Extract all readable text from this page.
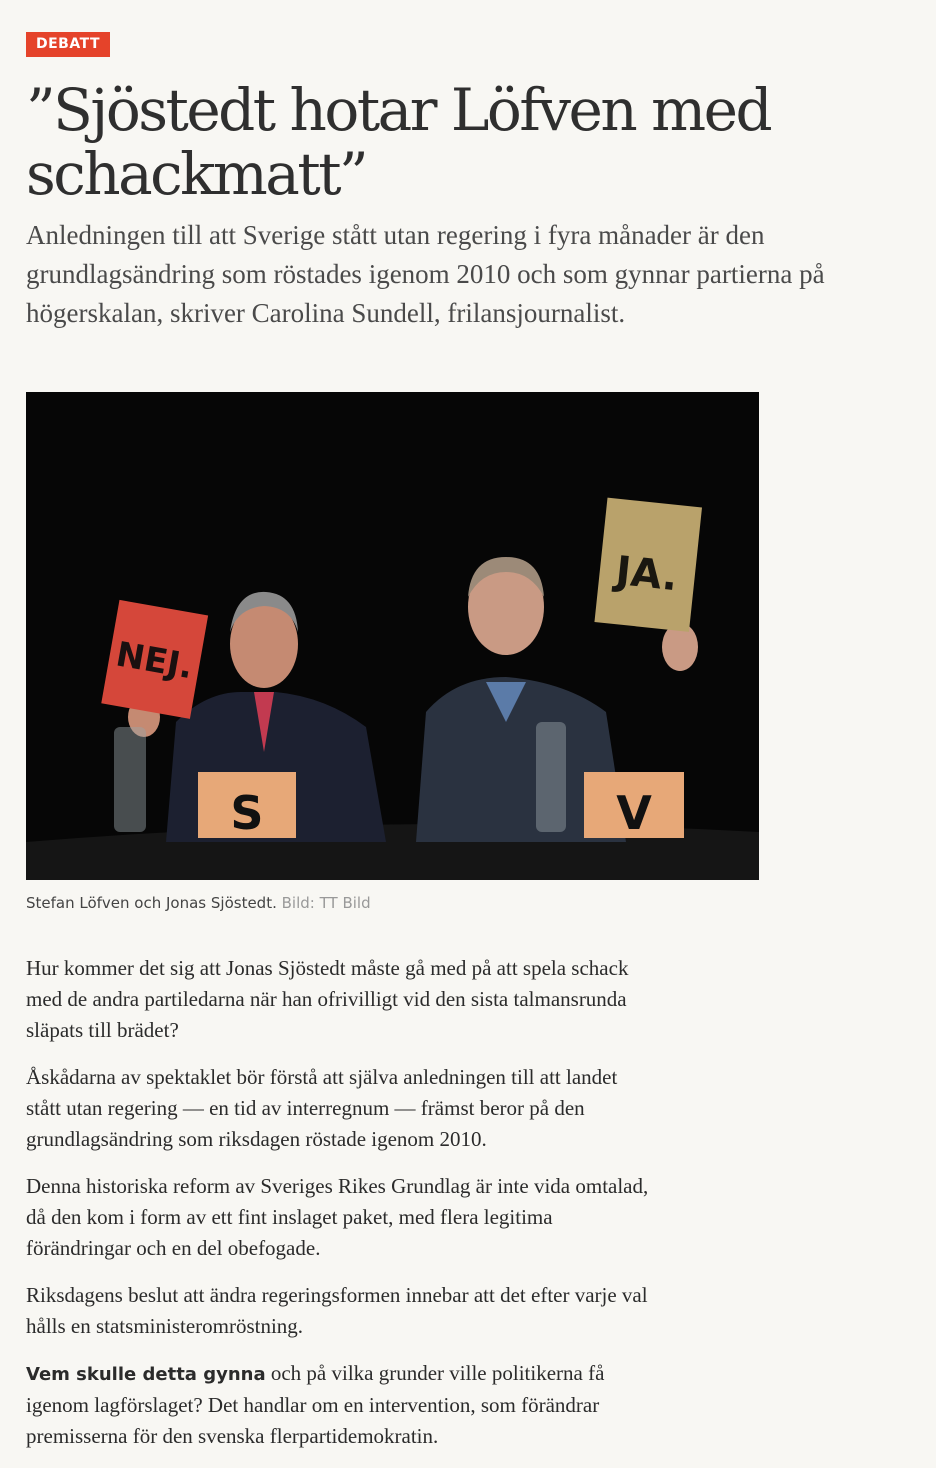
DEBATT
”Sjöstedt hotar Löfven med schackmatt”

Anledningen till att Sverige stått utan regering i fyra månader är den grundlagsändring som röstades igenom 2010 och som gynnar partierna på högerskalan, skriver Carolina Sundell, frilansjournalist.

NEJ.
JA.
S	V
Stefan Löfven och Jonas Sjöstedt. Bild: TT Bild

Hur kommer det sig att Jonas Sjöstedt måste gå med på att spela schack med de andra partiledarna när han ofrivilligt vid den sista talmansrunda släpats till brädet?

Åskådarna av spektaklet bör förstå att själva anledningen till att landet stått utan regering — en tid av interregnum — främst beror på den grundlagsändring som riksdagen röstade igenom 2010.

Denna historiska reform av Sveriges Rikes Grundlag är inte vida omtalad, då den kom i form av ett fint inslaget paket, med flera legitima förändringar och en del obefogade.

Riksdagens beslut att ändra regeringsformen innebar att det efter varje val hålls en statsministeromröstning.

Vem skulle detta gynna och på vilka grunder ville politikerna få igenom lagförslaget? Det handlar om en intervention, som förändrar premisserna för den svenska flerpartidemokratin.
